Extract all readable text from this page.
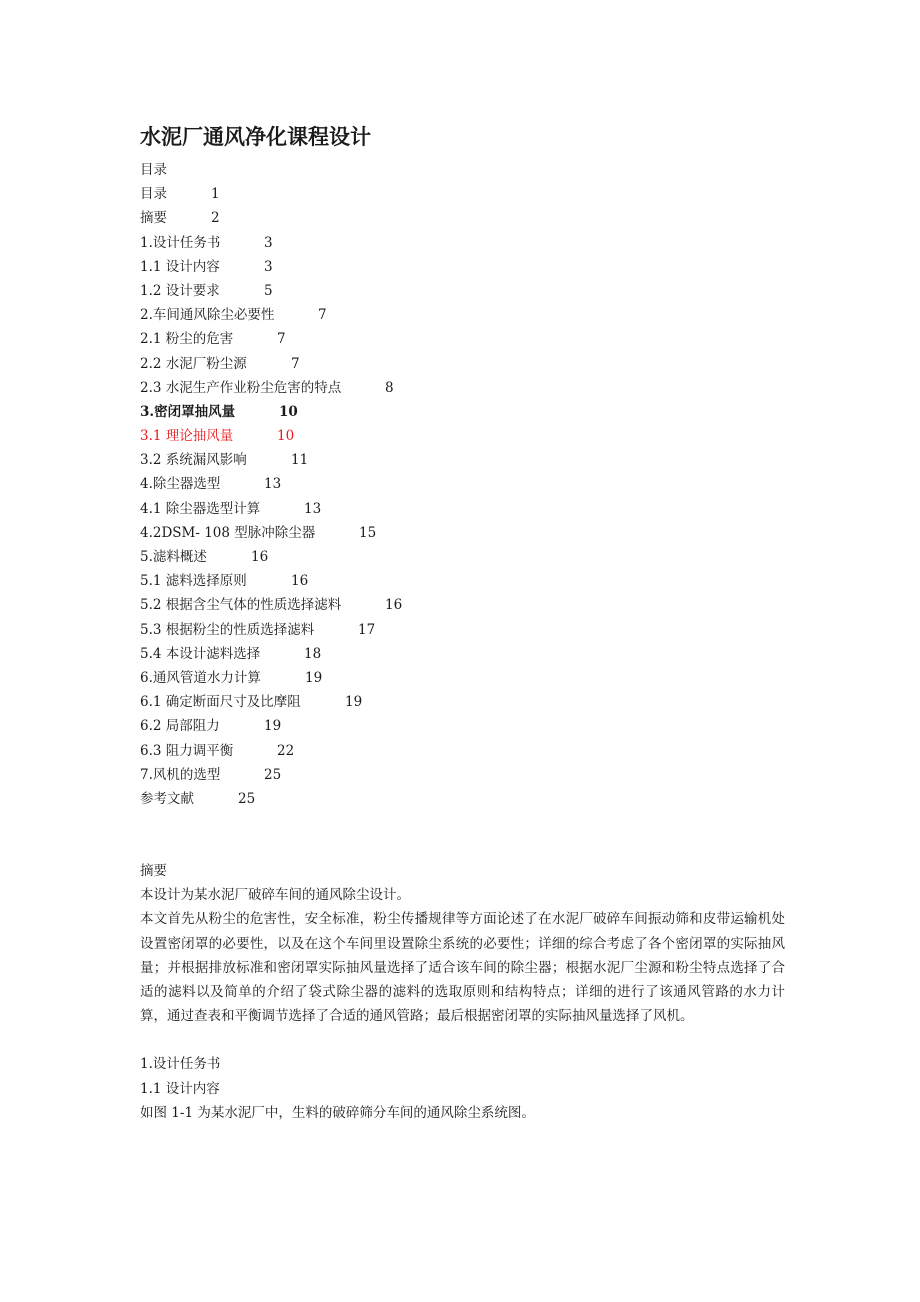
水泥厂通风净化课程设计
目录
目录	1
摘要	2
1.设计任务书	3
1.1 设计内容	3
1.2 设计要求	5
2.车间通风除尘必要性	7
2.1 粉尘的危害	7
2.2 水泥厂粉尘源	7
2.3 水泥生产作业粉尘危害的特点	8
3.密闭罩抽风量	10
3.1 理论抽风量	10
3.2 系统漏风影响	11
4.除尘器选型	13
4.1 除尘器选型计算	13
4.2DSM- 108 型脉冲除尘器	15
5.滤料概述	16
5.1 滤料选择原则	16
5.2 根据含尘气体的性质选择滤料	16
5.3 根据粉尘的性质选择滤料	17
5.4 本设计滤料选择	18
6.通风管道水力计算	19
6.1 确定断面尺寸及比摩阻	19
6.2 局部阻力	19
6.3 阻力调平衡	22
7.风机的选型	25
参考文献	25
摘要

本设计为某水泥厂破碎车间的通风除尘设计。

本文首先从粉尘的危害性，安全标准，粉尘传播规律等方面论述了在水泥厂破碎车间振动筛和皮带运输机处设置密闭罩的必要性，以及在这个车间里设置除尘系统的必要性；详细的综合考虑了各个密闭罩的实际抽风量；并根据排放标准和密闭罩实际抽风量选择了适合该车间的除尘器；根据水泥厂尘源和粉尘特点选择了合适的滤料以及简单的介绍了袋式除尘器的滤料的选取原则和结构特点；详细的进行了该通风管路的水力计算，通过查表和平衡调节选择了合适的通风管路；最后根据密闭罩的实际抽风量选择了风机。

1.设计任务书
1.1 设计内容

如图 1-1 为某水泥厂中，生料的破碎筛分车间的通风除尘系统图。
